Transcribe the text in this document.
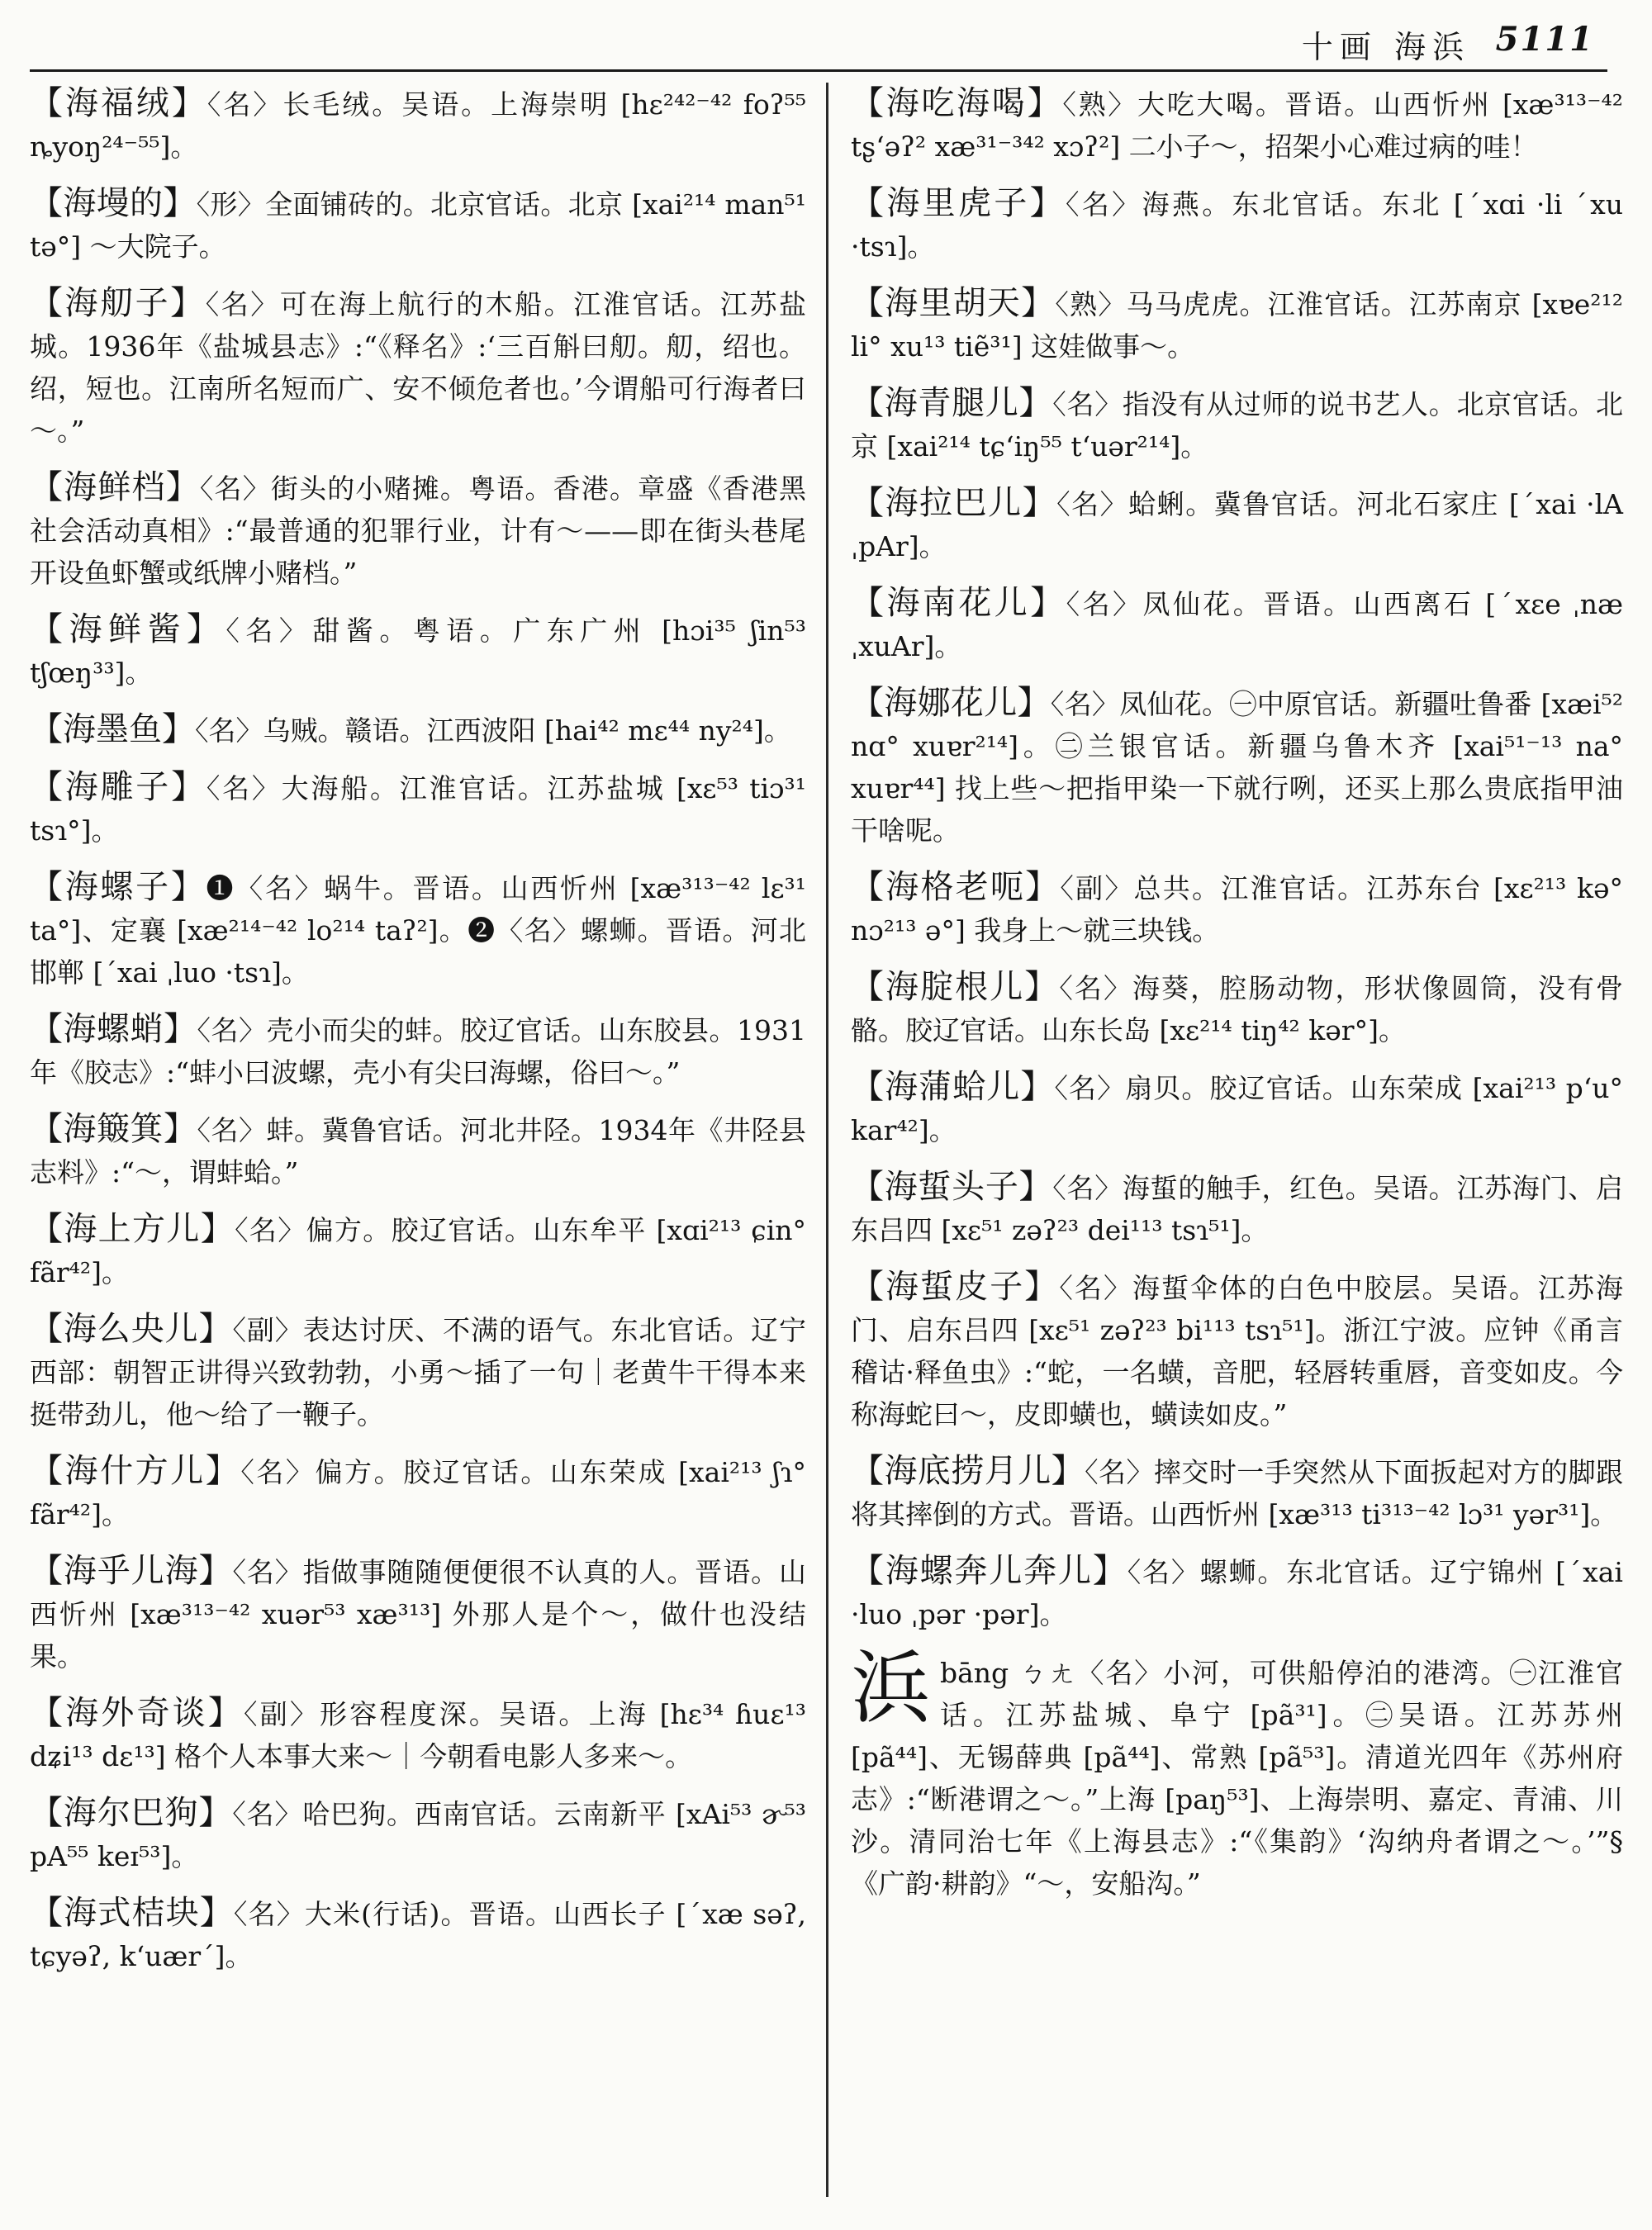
十画 海浜 5111
【海福绒】〈名〉长毛绒。吴语。上海崇明 [hɛ²⁴²⁻⁴² foʔ⁵⁵ ȵyoŋ²⁴⁻⁵⁵]。
【海墁的】〈形〉全面铺砖的。北京官话。北京 [xai²¹⁴ man⁵¹ tə°] ～大院子。
【海舠子】〈名〉可在海上航行的木船。江淮官话。江苏盐城。1936年《盐城县志》:“《释名》:‘三百斛曰舠。舠，绍也。绍，短也。江南所名短而广、安不倾危者也。’今谓船可行海者曰～。”
【海鲜档】〈名〉街头的小赌摊。粤语。香港。章盛《香港黑社会活动真相》:“最普通的犯罪行业，计有～——即在街头巷尾开设鱼虾蟹或纸牌小赌档。”
【海鲜酱】〈名〉甜酱。粤语。广东广州 [hɔi³⁵ ʃin⁵³ tʃœŋ³³]。
【海墨鱼】〈名〉乌贼。赣语。江西波阳 [hai⁴² mɛ⁴⁴ ny²⁴]。
【海雕子】〈名〉大海船。江淮官话。江苏盐城 [xɛ⁵³ tiɔ³¹ tsɿ°]。
【海螺子】❶〈名〉蜗牛。晋语。山西忻州 [xæ³¹³⁻⁴² lɛ³¹ ta°]、定襄 [xæ²¹⁴⁻⁴² lo²¹⁴ taʔ²]。❷〈名〉螺蛳。晋语。河北邯郸 [ˊxai ˌluo ·tsɿ]。
【海螺蛸】〈名〉壳小而尖的蚌。胶辽官话。山东胶县。1931年《胶志》:“蚌小曰波螺，壳小有尖曰海螺，俗曰～。”
【海簸箕】〈名〉蚌。冀鲁官话。河北井陉。1934年《井陉县志料》:“～，谓蚌蛤。”
【海上方儿】〈名〉偏方。胶辽官话。山东牟平 [xɑi²¹³ ɕin° fãr⁴²]。
【海么央儿】〈副〉表达讨厌、不满的语气。东北官话。辽宁西部：朝智正讲得兴致勃勃，小勇～插了一句｜老黄牛干得本来挺带劲儿，他～给了一鞭子。
【海什方儿】〈名〉偏方。胶辽官话。山东荣成 [xai²¹³ ʃɿ° fãr⁴²]。
【海乎儿海】〈名〉指做事随随便便很不认真的人。晋语。山西忻州 [xæ³¹³⁻⁴² xuər⁵³ xæ³¹³] 外那人是个～，做什也没结果。
【海外奇谈】〈副〉形容程度深。吴语。上海 [hɛ³⁴ ɦuɛ¹³ dʑi¹³ dɛ¹³] 格个人本事大来～｜今朝看电影人多来～。
【海尔巴狗】〈名〉哈巴狗。西南官话。云南新平 [xAi⁵³ ɚ⁵³ pA⁵⁵ keɪ⁵³]。
【海式桔块】〈名〉大米(行话)。晋语。山西长子 [ˊxæ səʔ, tɕyəʔ, kʻuærˊ]。
【海吃海喝】〈熟〉大吃大喝。晋语。山西忻州 [xæ³¹³⁻⁴² tʂʻəʔ² xæ³¹⁻³⁴² xɔʔ²] 二小子～，招架小心难过病的哇！
【海里虎子】〈名〉海燕。东北官话。东北 [ˊxɑi ·li ˊxu ·tsɿ]。
【海里胡天】〈熟〉马马虎虎。江淮官话。江苏南京 [xɐe²¹² li° xu¹³ tiẽ³¹] 这娃做事～。
【海青腿儿】〈名〉指没有从过师的说书艺人。北京官话。北京 [xai²¹⁴ tɕʻiŋ⁵⁵ tʻuər²¹⁴]。
【海拉巴儿】〈名〉蛤蜊。冀鲁官话。河北石家庄 [ˊxai ·lA ˌpAr]。
【海南花儿】〈名〉凤仙花。晋语。山西离石 [ˊxɛe ˌnæ ˌxuAr]。
【海娜花儿】〈名〉凤仙花。㊀中原官话。新疆吐鲁番 [xæi⁵² nɑ° xuɐr²¹⁴]。㊁兰银官话。新疆乌鲁木齐 [xai⁵¹⁻¹³ na° xuɐr⁴⁴] 找上些～把指甲染一下就行咧，还买上那么贵底指甲油干啥呢。
【海格老呃】〈副〉总共。江淮官话。江苏东台 [xɛ²¹³ kə° nɔ²¹³ ə°] 我身上～就三块钱。
【海腚根儿】〈名〉海葵，腔肠动物，形状像圆筒，没有骨骼。胶辽官话。山东长岛 [xɛ²¹⁴ tiŋ⁴² kər°]。
【海蒲蛤儿】〈名〉扇贝。胶辽官话。山东荣成 [xai²¹³ pʻu° kar⁴²]。
【海蜇头子】〈名〉海蜇的触手，红色。吴语。江苏海门、启东吕四 [xɛ⁵¹ zəʔ²³ dei¹¹³ tsɿ⁵¹]。
【海蜇皮子】〈名〉海蜇伞体的白色中胶层。吴语。江苏海门、启东吕四 [xɛ⁵¹ zəʔ²³ bi¹¹³ tsɿ⁵¹]。浙江宁波。应钟《甬言稽诂·释鱼虫》:“蛇，一名蟥，音肥，轻唇转重唇，音变如皮。今称海蛇曰～，皮即蟥也，蟥读如皮。”
【海底捞月儿】〈名〉摔交时一手突然从下面扳起对方的脚跟将其摔倒的方式。晋语。山西忻州 [xæ³¹³ ti³¹³⁻⁴² lɔ³¹ yər³¹]。
【海螺奔儿奔儿】〈名〉螺蛳。东北官话。辽宁锦州 [ˊxai ·luo ˌpər ·pər]。
浜 bāng ㄅㄤ〈名〉小河，可供船停泊的港湾。㊀江淮官话。江苏盐城、阜宁 [pã³¹]。㊁吴语。江苏苏州 [pã⁴⁴]、无锡薛典 [pã⁴⁴]、常熟 [pã⁵³]。清道光四年《苏州府志》:“断港谓之～。”上海 [paŋ⁵³]、上海崇明、嘉定、青浦、川沙。清同治七年《上海县志》:“《集韵》‘沟纳舟者谓之～。’”§《广韵·耕韵》“～，安船沟。”
